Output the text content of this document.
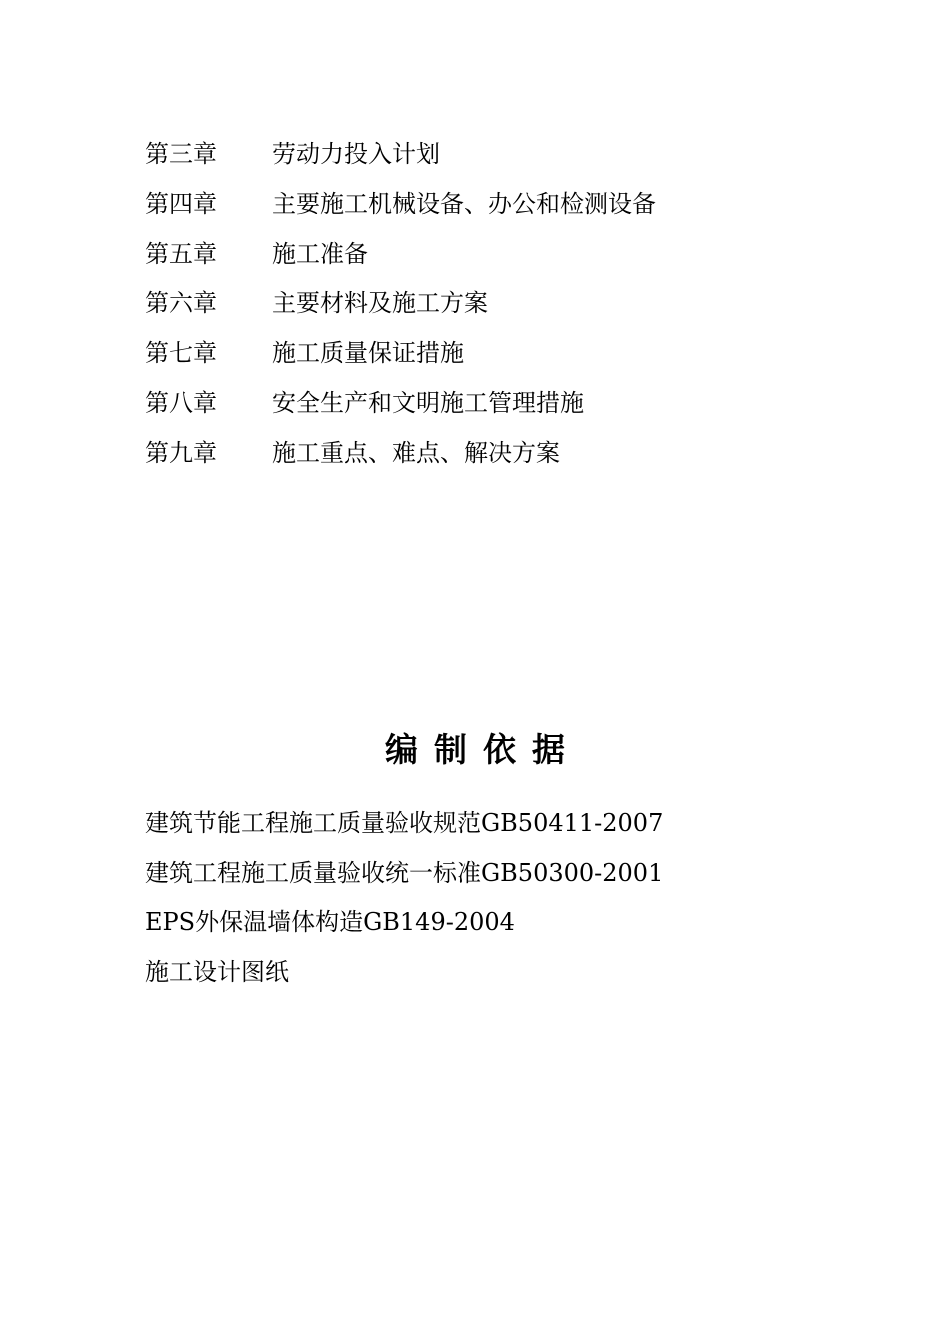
第三章	劳动力投入计划
第四章	主要施工机械设备、办公和检测设备
第五章	施工准备
第六章	主要材料及施工方案
第七章	施工质量保证措施
第八章	安全生产和文明施工管理措施
第九章	施工重点、难点、解决方案
编制依据
建筑节能工程施工质量验收规范GB50411-2007
建筑工程施工质量验收统一标准GB50300-2001
EPS外保温墙体构造GB149-2004
施工设计图纸
